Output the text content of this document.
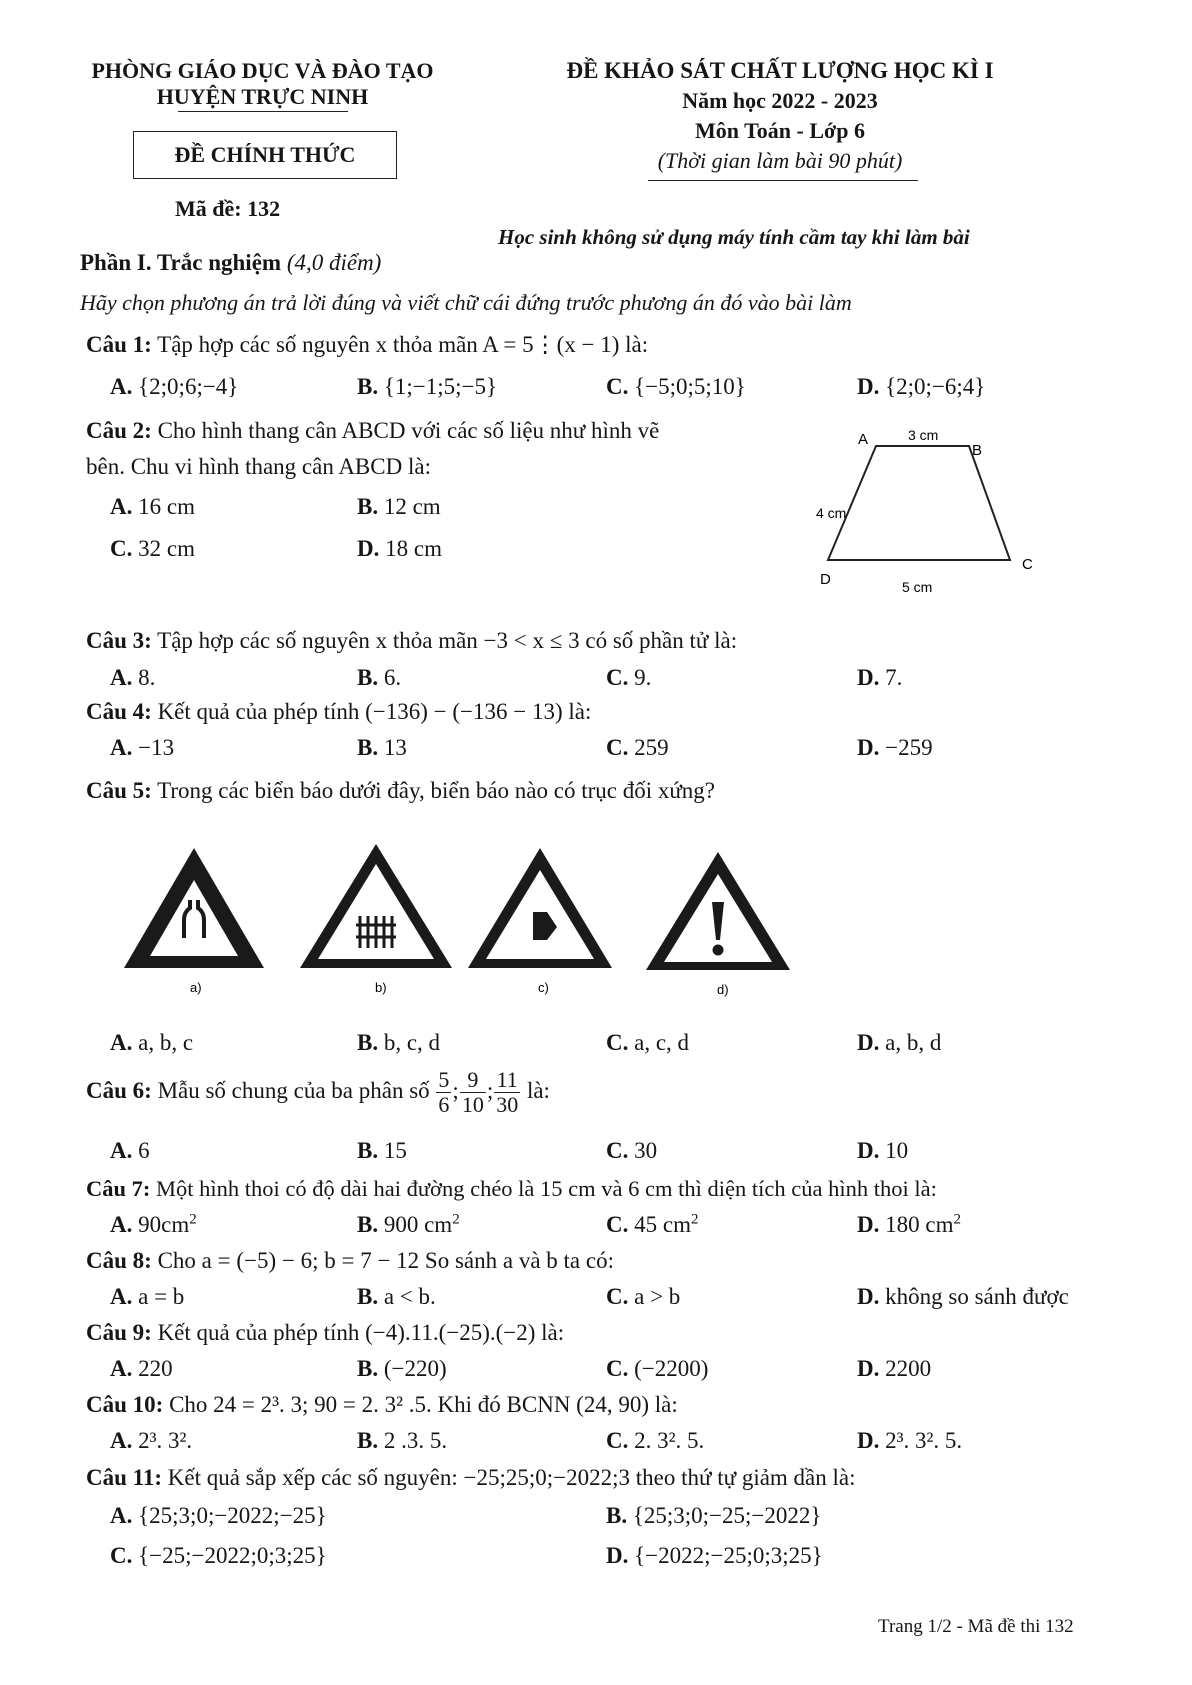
PHÒNG GIÁO DỤC VÀ ĐÀO TẠO
HUYỆN TRỰC NINH
ĐỀ CHÍNH THỨC
Mã đề: 132
ĐỀ KHẢO SÁT CHẤT LƯỢNG HỌC KÌ I
Năm học 2022 - 2023
Môn Toán - Lớp 6
(Thời gian làm bài 90 phút)
Học sinh không sử dụng máy tính cầm tay khi làm bài
Phần I. Trắc nghiệm (4,0 điểm)
Hãy chọn phương án trả lời đúng và viết chữ cái đứng trước phương án đó vào bài làm
Câu 1: Tập hợp các số nguyên x thỏa mãn A = 5⋮(x − 1) là:
A. {2;0;6;−4}	B. {1;−1;5;−5}	C. {−5;0;5;10}	D. {2;0;−6;4}
Câu 2: Cho hình thang cân ABCD với các số liệu như hình vẽ
bên. Chu vi hình thang cân ABCD là:
A. 16 cm	B. 12 cm
C. 32 cm	D. 18 cm
A	3 cm
B
4 cm
C
D	5 cm
Câu 3: Tập hợp các số nguyên x thỏa mãn −3 < x ≤ 3 có số phần tử là:
A. 8.	B. 6.	C. 9.	D. 7.
Câu 4: Kết quả của phép tính (−136) − (−136 − 13) là:
A. −13	B. 13	C. 259	D. −259
Câu 5: Trong các biển báo dưới đây, biển báo nào có trục đối xứng?
a)	b)	c)	d)
A. a, b, c	B. b, c, d	C. a, c, d	D. a, b, d
Câu 6: Mẫu số chung của ba phân số $\frac{5}{6}$ ; $\frac{9}{10}$ ; $\frac{11}{30}$ là:
A. 6	B. 15	C. 30	D. 10
Câu 7: Một hình thoi có độ dài hai đường chéo là 15 cm và 6 cm thì diện tích của hình thoi là:
A. $90cm^2$	B. 900 $cm^2$	C. 45 $cm^2$	D. 180 $cm^2$
Câu 8: Cho a = (−5) − 6; b = 7 − 12 So sánh a và b ta có:
A. a = b	B. a < b.	C. a > b	D. không so sánh được
Câu 9: Kết quả của phép tính (−4).11.(−25).(−2) là:
A. 220	B. (−220)	C. (−2200)	D. 2200
Câu 10: Cho 24 = 2³. 3; 90 = 2. 3² .5. Khi đó BCNN (24, 90) là:
A. 2³. 3².	B. 2 .3. 5.	C. 2. 3². 5.	D. 2³. 3². 5.
Câu 11: Kết quả sắp xếp các số nguyên: −25;25;0;−2022;3 theo thứ tự giảm dần là:
A. {25;3;0;−2022;−25}	B. {25;3;0;−25;−2022}
C. {−25;−2022;0;3;25}	D. {−2022;−25;0;3;25}
Trang 1/2 - Mã đề thi 132
